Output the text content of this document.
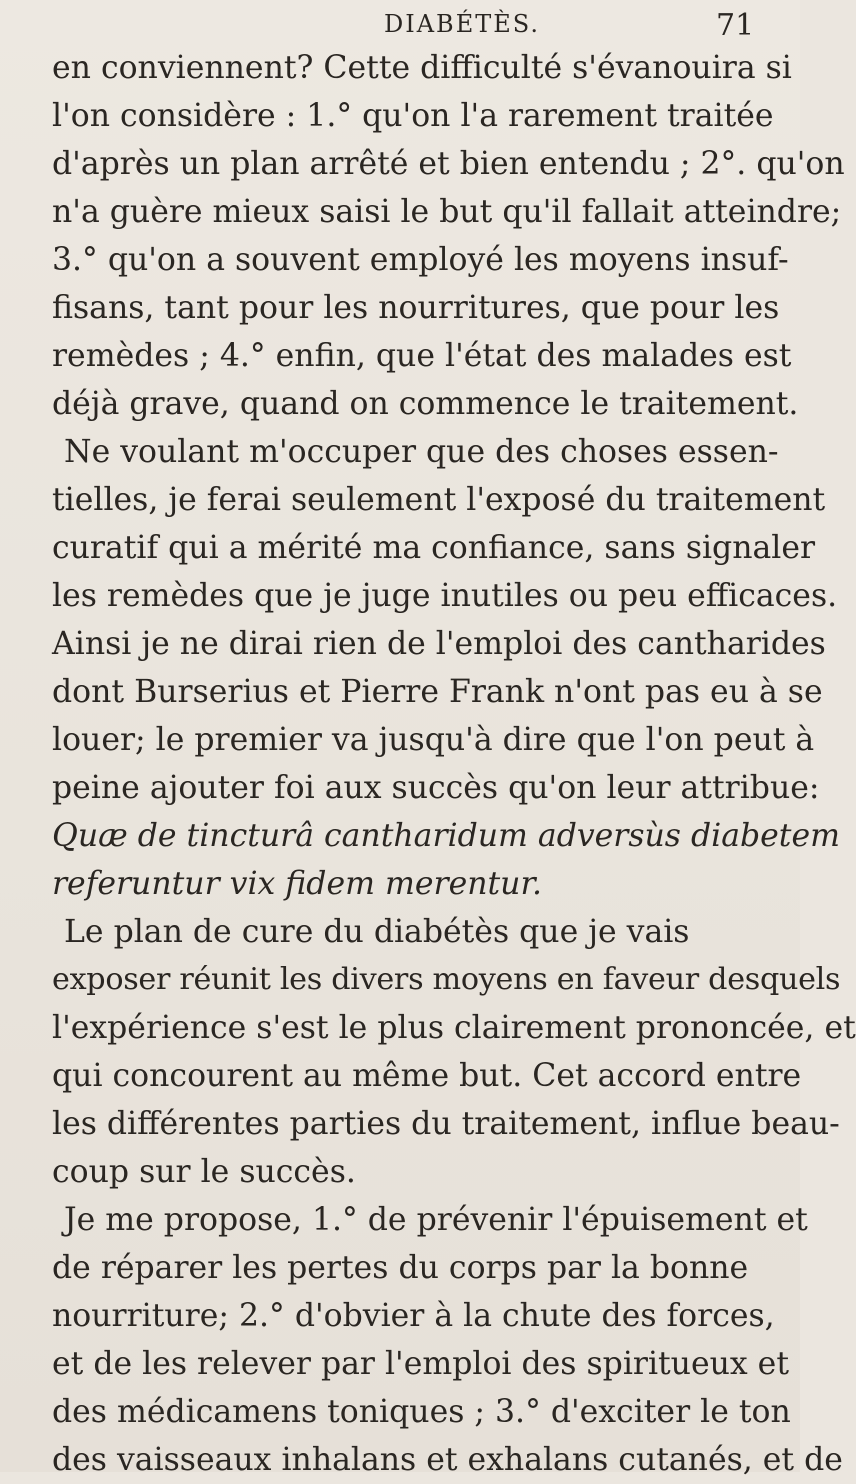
DIABÉTÈS.	71
en conviennent? Cette difficulté s'évanouira si
l'on considère : 1.° qu'on l'a rarement traitée
d'après un plan arrêté et bien entendu ; 2°. qu'on
n'a guère mieux saisi le but qu'il fallait atteindre;
3.° qu'on a souvent employé les moyens insuf-
fisans, tant pour les nourritures, que pour les
remèdes ; 4.° enfin, que l'état des malades est
déjà grave, quand on commence le traitement.
Ne voulant m'occuper que des choses essen-
tielles, je ferai seulement l'exposé du traitement
curatif qui a mérité ma confiance, sans signaler
les remèdes que je juge inutiles ou peu efficaces.
Ainsi je ne dirai rien de l'emploi des cantharides
dont Burserius et Pierre Frank n'ont pas eu à se
louer; le premier va jusqu'à dire que l'on peut à
peine ajouter foi aux succès qu'on leur attribue:
Quæ de tincturâ cantharidum adversùs diabetem
referuntur vix fidem merentur.
Le plan de cure du diabétès que je vais
exposer réunit les divers moyens en faveur desquels
l'expérience s'est le plus clairement prononcée, et
qui concourent au même but. Cet accord entre
les différentes parties du traitement, influe beau-
coup sur le succès.
Je me propose, 1.° de prévenir l'épuisement et
de réparer les pertes du corps par la bonne
nourriture; 2.° d'obvier à la chute des forces,
et de les relever par l'emploi des spiritueux et
des médicamens toniques ; 3.° d'exciter le ton
des vaisseaux inhalans et exhalans cutanés, et de
